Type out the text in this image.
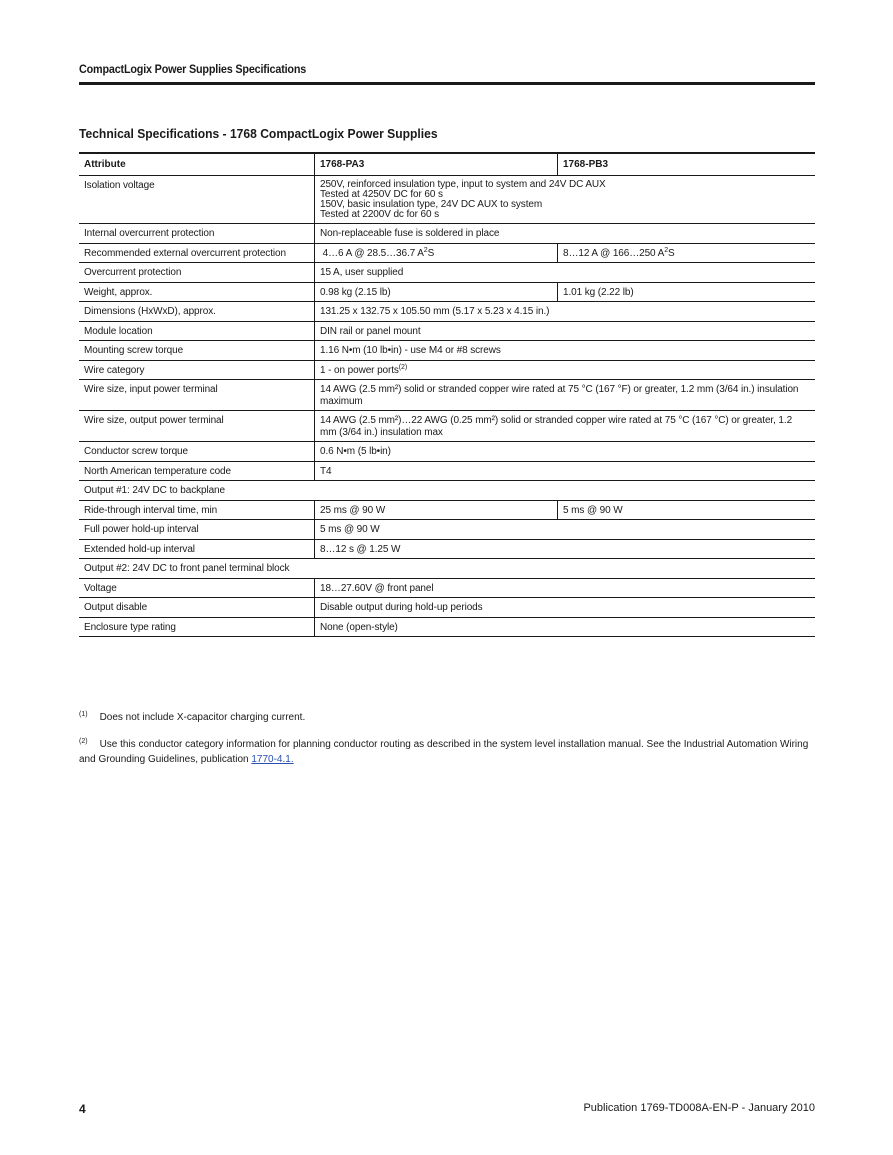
CompactLogix Power Supplies Specifications
Technical Specifications - 1768 CompactLogix Power Supplies
Attribute	1768-PA3	1768-PB3
Isolation voltage	250V, reinforced insulation type, input to system and 24V DC AUX
Tested at 4250V DC for 60 s
150V, basic insulation type, 24V DC AUX to system
Tested at 2200V dc for 60 s	

Internal overcurrent protection	Non-replaceable fuse is soldered in place	
Recommended external overcurrent protection	4…6 A @ 28.5…36.7 $A^2S$	8…12 A @ 166…250 $A^2S$
Overcurrent protection	15 A, user supplied	
Weight, approx.	0.98 kg (2.15 lb)	1.01 kg (2.22 lb)
Dimensions (HxWxD), approx.	131.25 x 132.75 x 105.50 mm (5.17 x 5.23 x 4.15 in.)	
Module location	DIN rail or panel mount	
Mounting screw torque	1.16 N•m (10 lb•in) - use M4 or #8 screws	
Wire category	1 - on power ports$^{(2)}$
Wire size, input power terminal	14 AWG (2.5 mm²) solid or stranded copper wire rated at 75 °C (167 °F) or greater, 1.2 mm (3/64 in.) insulation maximum	
Wire size, output power terminal	14 AWG (2.5 mm²)…22 AWG (0.25 mm²) solid or stranded copper wire rated at 75 °C (167 °C) or greater, 1.2 mm (3/64 in.) insulation max	
Conductor screw torque	0.6 N•m (5 lb•in)	
North American temperature code	T4	
Output #1: 24V DC to backplane		
Ride-through interval time, min	25 ms @ 90 W	5 ms @ 90 W
Full power hold-up interval	5 ms @ 90 W	
Extended hold-up interval	8…12 s @ 1.25 W	
Output #2: 24V DC to front panel terminal block		
Voltage	18…27.60V @ front panel	
Output disable	Disable output during hold-up periods	
Enclosure type rating	None (open-style)	
$^{(1)}$ Does not include X-capacitor charging current.
$^{(2)}$ Use this conductor category information for planning conductor routing as described in the system level installation manual. See the Industrial Automation Wiring and Grounding Guidelines, publication 1770-4.1.
4	Publication 1769-TD008A-EN-P - January 2010
